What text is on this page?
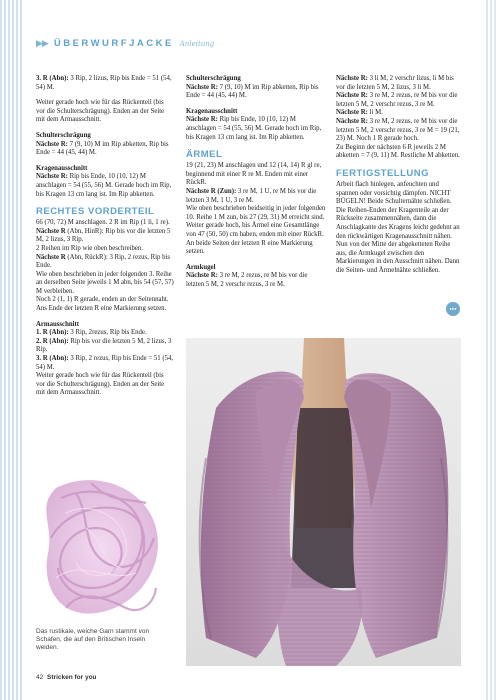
▶▶ ÜBERWURFJACKE Anleitung

3. R (Abn): 3 Rip, 2 lizus, Rip bis Ende = 51 (54, 54) M.

Weiter gerade hoch wie für das Rückenteil (bis vor die Schulterschrägung). Enden an der Seite mit dem Armausschnitt.

Schulterschrägung

Nächste R: 7 (9, 10) M im Rip abketten, Rip bis Ende = 44 (45, 44) M.

Kragenausschnitt

Nächste R: Rip bis Ende, 10 (10, 12) M anschlagen = 54 (55, 56) M. Gerade hoch im Rip, bis Kragen 13 cm lang ist. Im Rip abketten.

RECHTES VORDERTEIL

66 (70, 72) M anschlagen. 2 R im Rip (1 li, 1 re).

Nächste R (Abn, HinR): Rip bis vor die letzten 5 M, 2 lizus, 3 Rip.

2 Reihen im Rip wie oben beschreiben.

Nächste R (Abn, RückR): 3 Rip, 2 rezus, Rip bis Ende.

Wie oben beschrieben in jeder folgenden 3. Reihe an derselben Seite jeweils 1 M abn, bis 54 (57, 57) M verbleiben.

Noch 2 (1, 1) R gerade, enden an der Seitennaht.

Ans Ende der letzten R eine Markierung setzen.

Armausschnitt

1. R (Abn): 3 Rip, 2rezus, Rip bis Ende.

2. R (Abn): Rip bis vor die letzten 5 M, 2 lizus, 3 Rip.

3. R (Abn): 3 Rip, 2 rezus, Rip bis Ende = 51 (54, 54) M.

Weiter gerade hoch wie für das Rückenteil (bis vor die Schulterschrägung). Enden an der Seite mit dem Armausschnitt.

Das rustikale, weiche Garn stammt von Schafen, die auf den Britischen Inseln weiden.

Schulterschrägung

Nächste R: 7 (9, 10) M im Rip abketten, Rip bis Ende = 44 (45, 44) M.

Kragenausschnitt

Nächste R: Rip bis Ende, 10 (10, 12) M anschlagen = 54 (55, 56) M. Gerade hoch im Rip, bis Kragen 13 cm lang ist. Im Rip abketten.

ÄRMEL

19 (21, 23) M anschlagen und 12 (14, 14) R gl re, beginnend mit einer R re M. Enden mit einer RückR.

Nächste R (Zun): 3 re M, 1 U, re M bis vor die letzten 3 M, 1 U, 3 re M.

Wie oben beschrieben beidseitig in jeder folgenden 10. Reihe 1 M zun, bis 27 (29, 31) M erreicht sind. Weiter gerade hoch, bis Ärmel eine Gesamtlänge von 47 (50, 50) cm haben, enden mit einer RückR. An beide Seiten der letzten R eine Markierung setzen.

Armkugel

Nächste R: 3 re M, 2 rezus, re M bis vor die letzten 5 M, 2 verschr rezus, 3 re M.

Nächste R: 3 li M, 2 verschr lizus, li M bis vor die letzten 5 M, 2 lizus, 3 li M.

Nächste R: 3 re M, 2 rezus, re M bis vor die letzten 5 M, 2 verschr rezus, 3 re M.

Nächste R: li M.

Nächste R: 3 re M, 2 rezus, re M bis vor die letzten 5 M, 2 verschr rezus, 3 re M = 19 (21, 23) M. Noch 1 R gerade hoch.

Zu Beginn der nächsten 6 R jeweils 2 M abketten = 7 (9, 11) M. Restliche M abketten.

FERTIGSTELLUNG

Arbeit flach hinlegen, anfeuchten und spannen oder vorsichtig dämpfen. NICHT BÜGELN! Beide Schulternähte schließen. Die Reihen-Enden der Kragenteile an der Rückseite zusammennähen, dann die Anschlagkante des Kragens leicht gedehnt an den rückwärtigen Kragenausschnitt nähen. Nun von der Mitte der abgeketteten Reihe aus, die Armkugel zwischen den Markierungen in den Ausschnitt nähen. Dann die Seiten- und Ärmelnähte schließen.

●●●
42 Stricken for you
